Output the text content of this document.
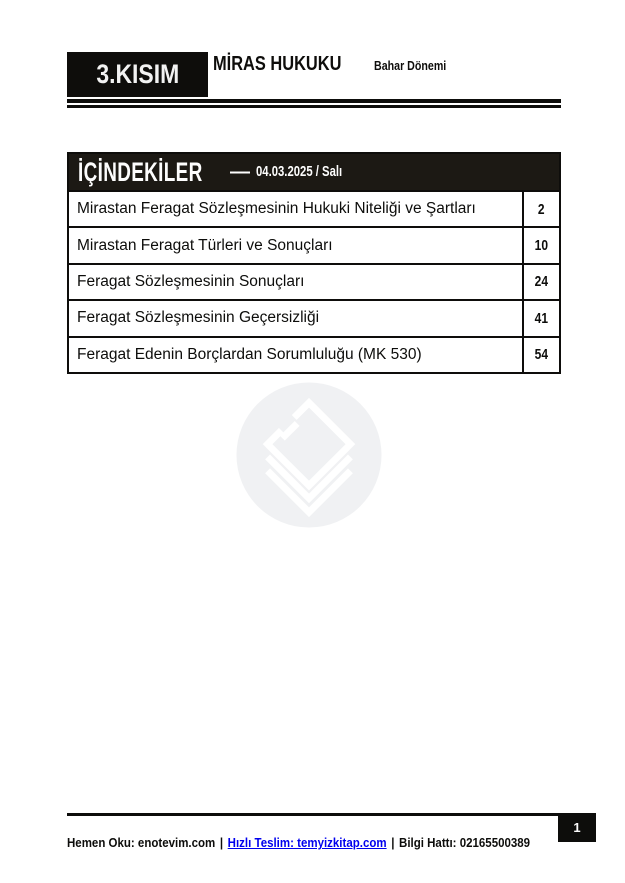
3.KISIM MİRAS HUKUKU	Bahar Dönemi
İÇİNDEKİLER — 04.03.2025 / Salı
Mirastan Feragat Sözleşmesinin Hukuki Niteliği ve Şartları	2
Mirastan Feragat Türleri ve Sonuçları	10
Feragat Sözleşmesinin Sonuçları	24
Feragat Sözleşmesinin Geçersizliği	41
Feragat Edenin Borçlardan Sorumluluğu (MK 530)	54
1
Hemen Oku: enotevim.com | Hızlı Teslim: temyizkitap.com | Bilgi Hattı: 02165500389
